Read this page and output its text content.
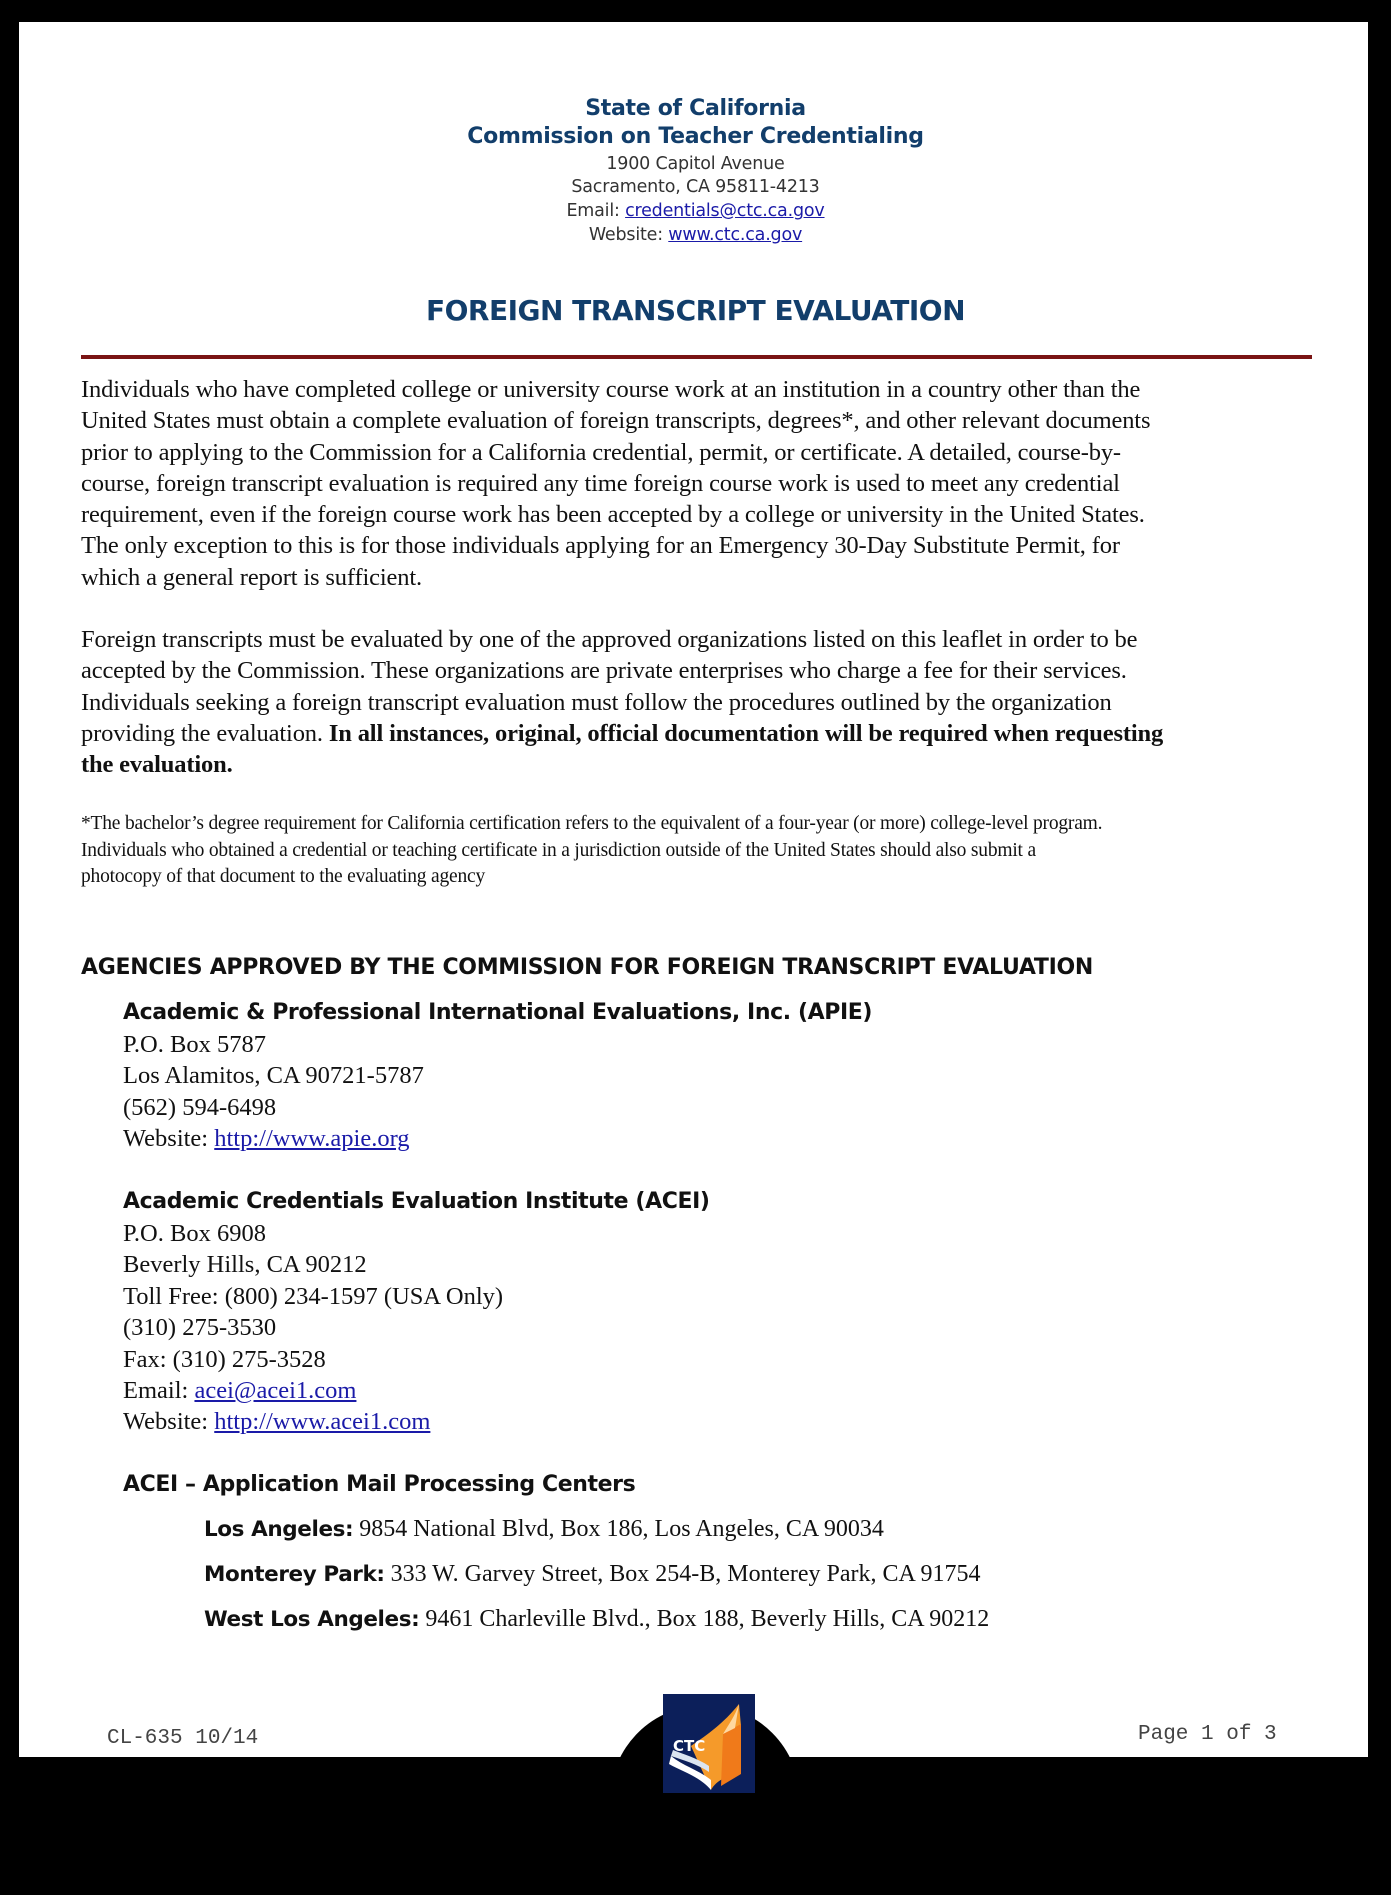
State of California
Commission on Teacher Credentialing
1900 Capitol Avenue
Sacramento, CA 95811-4213
Email: credentials@ctc.ca.gov
Website: www.ctc.ca.gov
FOREIGN TRANSCRIPT EVALUATION
Individuals who have completed college or university course work at an institution in a country other than the
United States must obtain a complete evaluation of foreign transcripts, degrees*, and other relevant documents
prior to applying to the Commission for a California credential, permit, or certificate. A detailed, course-by-
course, foreign transcript evaluation is required any time foreign course work is used to meet any credential
requirement, even if the foreign course work has been accepted by a college or university in the United States.
The only exception to this is for those individuals applying for an Emergency 30-Day Substitute Permit, for
which a general report is sufficient.
Foreign transcripts must be evaluated by one of the approved organizations listed on this leaflet in order to be
accepted by the Commission. These organizations are private enterprises who charge a fee for their services.
Individuals seeking a foreign transcript evaluation must follow the procedures outlined by the organization
providing the evaluation. In all instances, original, official documentation will be required when requesting
the evaluation.
*The bachelor’s degree requirement for California certification refers to the equivalent of a four-year (or more) college-level program.
Individuals who obtained a credential or teaching certificate in a jurisdiction outside of the United States should also submit a
photocopy of that document to the evaluating agency
AGENCIES APPROVED BY THE COMMISSION FOR FOREIGN TRANSCRIPT EVALUATION
Academic & Professional International Evaluations, Inc. (APIE)
P.O. Box 5787
Los Alamitos, CA 90721-5787
(562) 594-6498
Website: http://www.apie.org
Academic Credentials Evaluation Institute (ACEI)
P.O. Box 6908
Beverly Hills, CA 90212
Toll Free: (800) 234-1597 (USA Only)
(310) 275-3530
Fax: (310) 275-3528
Email: acei@acei1.com
Website: http://www.acei1.com
ACEI – Application Mail Processing Centers
Los Angeles: 9854 National Blvd, Box 186, Los Angeles, CA 90034
Monterey Park: 333 W. Garvey Street, Box 254-B, Monterey Park, CA 91754
West Los Angeles: 9461 Charleville Blvd., Box 188, Beverly Hills, CA 90212
CL-635 10/14	Page 1 of 3
CTC
